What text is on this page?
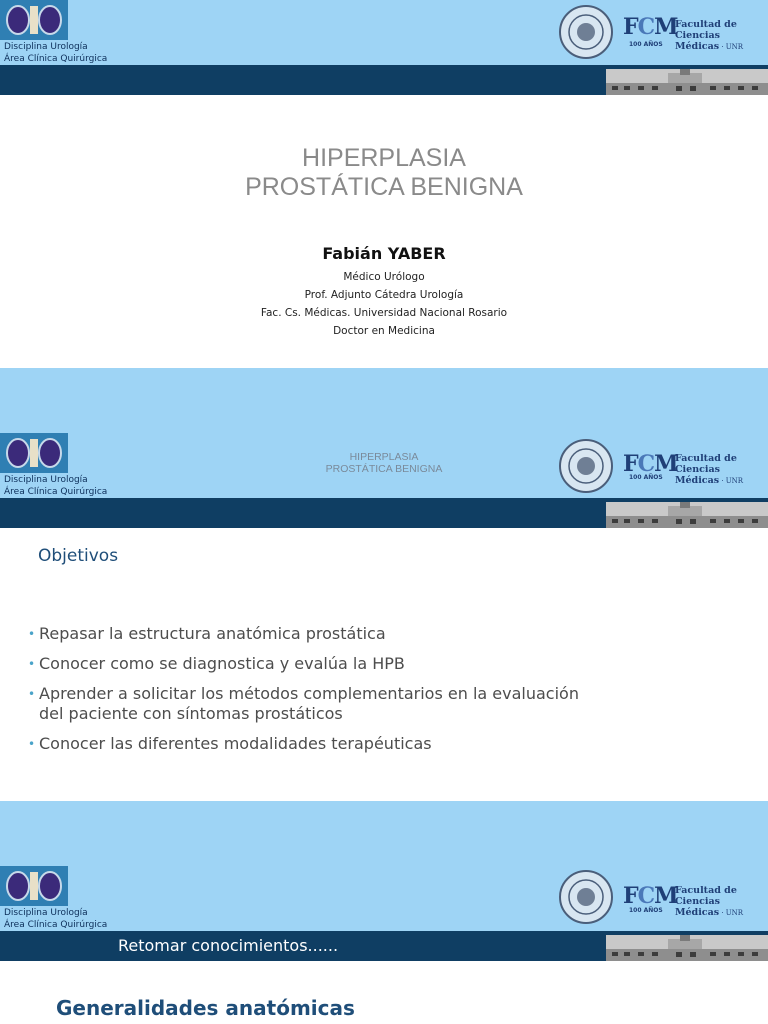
Disciplina Urología
Área Clínica Quirúrgica
FCM
Facultad de Ciencias
Médicas · UNR
100 AÑOS
HIPERPLASIA
PROSTÁTICA BENIGNA
Fabián YABER
Médico Urólogo
Prof. Adjunto Cátedra Urología
Fac. Cs. Médicas. Universidad Nacional Rosario
Doctor en Medicina
Disciplina Urología
Área Clínica Quirúrgica
HIPERPLASIA
PROSTÁTICA BENIGNA	FCM
Facultad de Ciencias
Médicas · UNR
100 AÑOS
Objetivos
• Repasar la estructura anatómica prostática
• Conocer como se diagnostica y evalúa la HPB
• Aprender a solicitar los métodos complementarios en la evaluación del paciente con síntomas prostáticos
• Conocer las diferentes modalidades terapéuticas
Retomar conocimientos......
Disciplina Urología
Área Clínica Quirúrgica
FCM
Facultad de Ciencias
Médicas · UNR
100 AÑOS
Generalidades anatómicas
